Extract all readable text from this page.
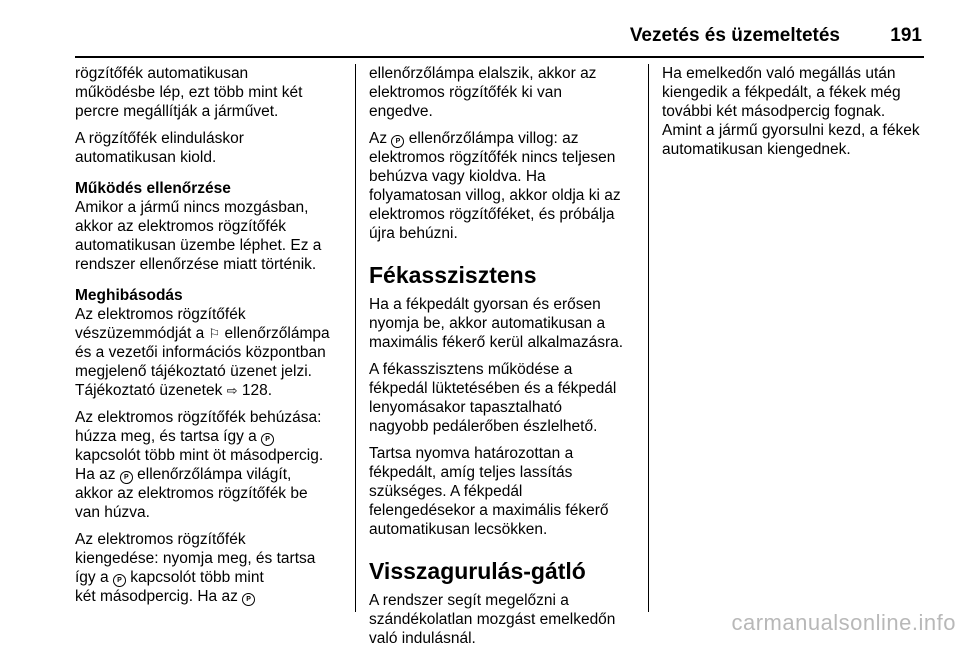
Vezetés és üzemeltetés	191

rögzítőfék automatikusan
működésbe lép, ezt több mint két
percre megállítják a járművet.

A rögzítőfék elinduláskor
automatikusan kiold.

Működés ellenőrzése
Amikor a jármű nincs mozgásban,
akkor az elektromos rögzítőfék
automatikusan üzembe léphet. Ez a
rendszer ellenőrzése miatt történik.

Meghibásodás
Az elektromos rögzítőfék
vészüzemmódját a ⚐ ellenőrzőlámpa
és a vezetői információs központban
megjelenő tájékoztató üzenet jelzi.
Tájékoztató üzenetek ⇨ 128.

Az elektromos rögzítőfék behúzása:
húzza meg, és tartsa így a P
kapcsolót több mint öt másodpercig.
Ha az P ellenőrzőlámpa világít,
akkor az elektromos rögzítőfék be
van húzva.

Az elektromos rögzítőfék
kiengedése: nyomja meg, és tartsa
így a P kapcsolót több mint
két másodpercig. Ha az P

ellenőrzőlámpa elalszik, akkor az
elektromos rögzítőfék ki van
engedve.

Az P ellenőrzőlámpa villog: az
elektromos rögzítőfék nincs teljesen
behúzva vagy kioldva. Ha
folyamatosan villog, akkor oldja ki az
elektromos rögzítőféket, és próbálja
újra behúzni.

Fékasszisztens

Ha a fékpedált gyorsan és erősen
nyomja be, akkor automatikusan a
maximális fékerő kerül alkalmazásra.

A fékasszisztens működése a
fékpedál lüktetésében és a fékpedál
lenyomásakor tapasztalható
nagyobb pedálerőben észlelhető.

Tartsa nyomva határozottan a
fékpedált, amíg teljes lassítás
szükséges. A fékpedál
felengedésekor a maximális fékerő
automatikusan lecsökken.

Visszagurulás-gátló

A rendszer segít megelőzni a
szándékolatlan mozgást emelkedőn
való indulásnál.

Ha emelkedőn való megállás után
kiengedik a fékpedált, a fékek még
további két másodpercig fognak.
Amint a jármű gyorsulni kezd, a fékek
automatikusan kiengednek.

carmanualsonline.info
